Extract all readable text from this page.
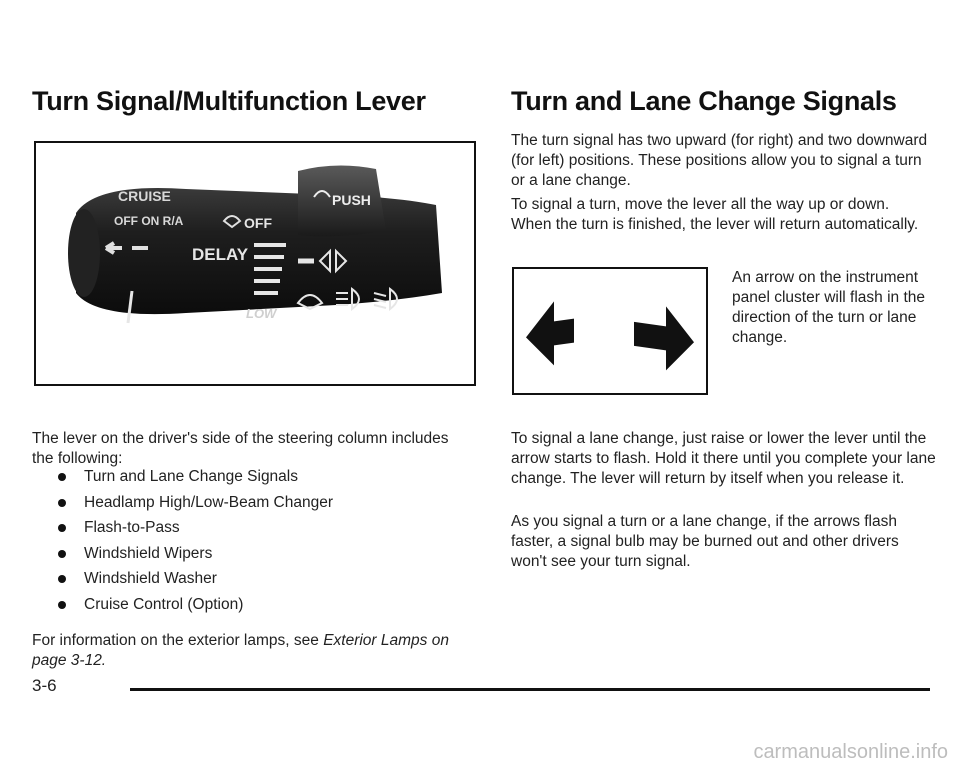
Turn Signal/Multifunction Lever
CRUISE
OFF ON R/A
DELAY
OFF
LOW
PUSH

The lever on the driver's side of the steering column includes the following:

Turn and Lane Change Signals
Headlamp High/Low-Beam Changer
Flash-to-Pass
Windshield Wipers
Windshield Washer
Cruise Control (Option)

For information on the exterior lamps, see Exterior Lamps on page 3-12.

Turn and Lane Change Signals

The turn signal has two upward (for right) and two downward (for left) positions. These positions allow you to signal a turn or a lane change.

To signal a turn, move the lever all the way up or down. When the turn is finished, the lever will return automatically.

An arrow on the instrument panel cluster will flash in the direction of the turn or lane change.

To signal a lane change, just raise or lower the lever until the arrow starts to flash. Hold it there until you complete your lane change. The lever will return by itself when you release it.

As you signal a turn or a lane change, if the arrows flash faster, a signal bulb may be burned out and other drivers won't see your turn signal.

3-6
carmanualsonline.info
